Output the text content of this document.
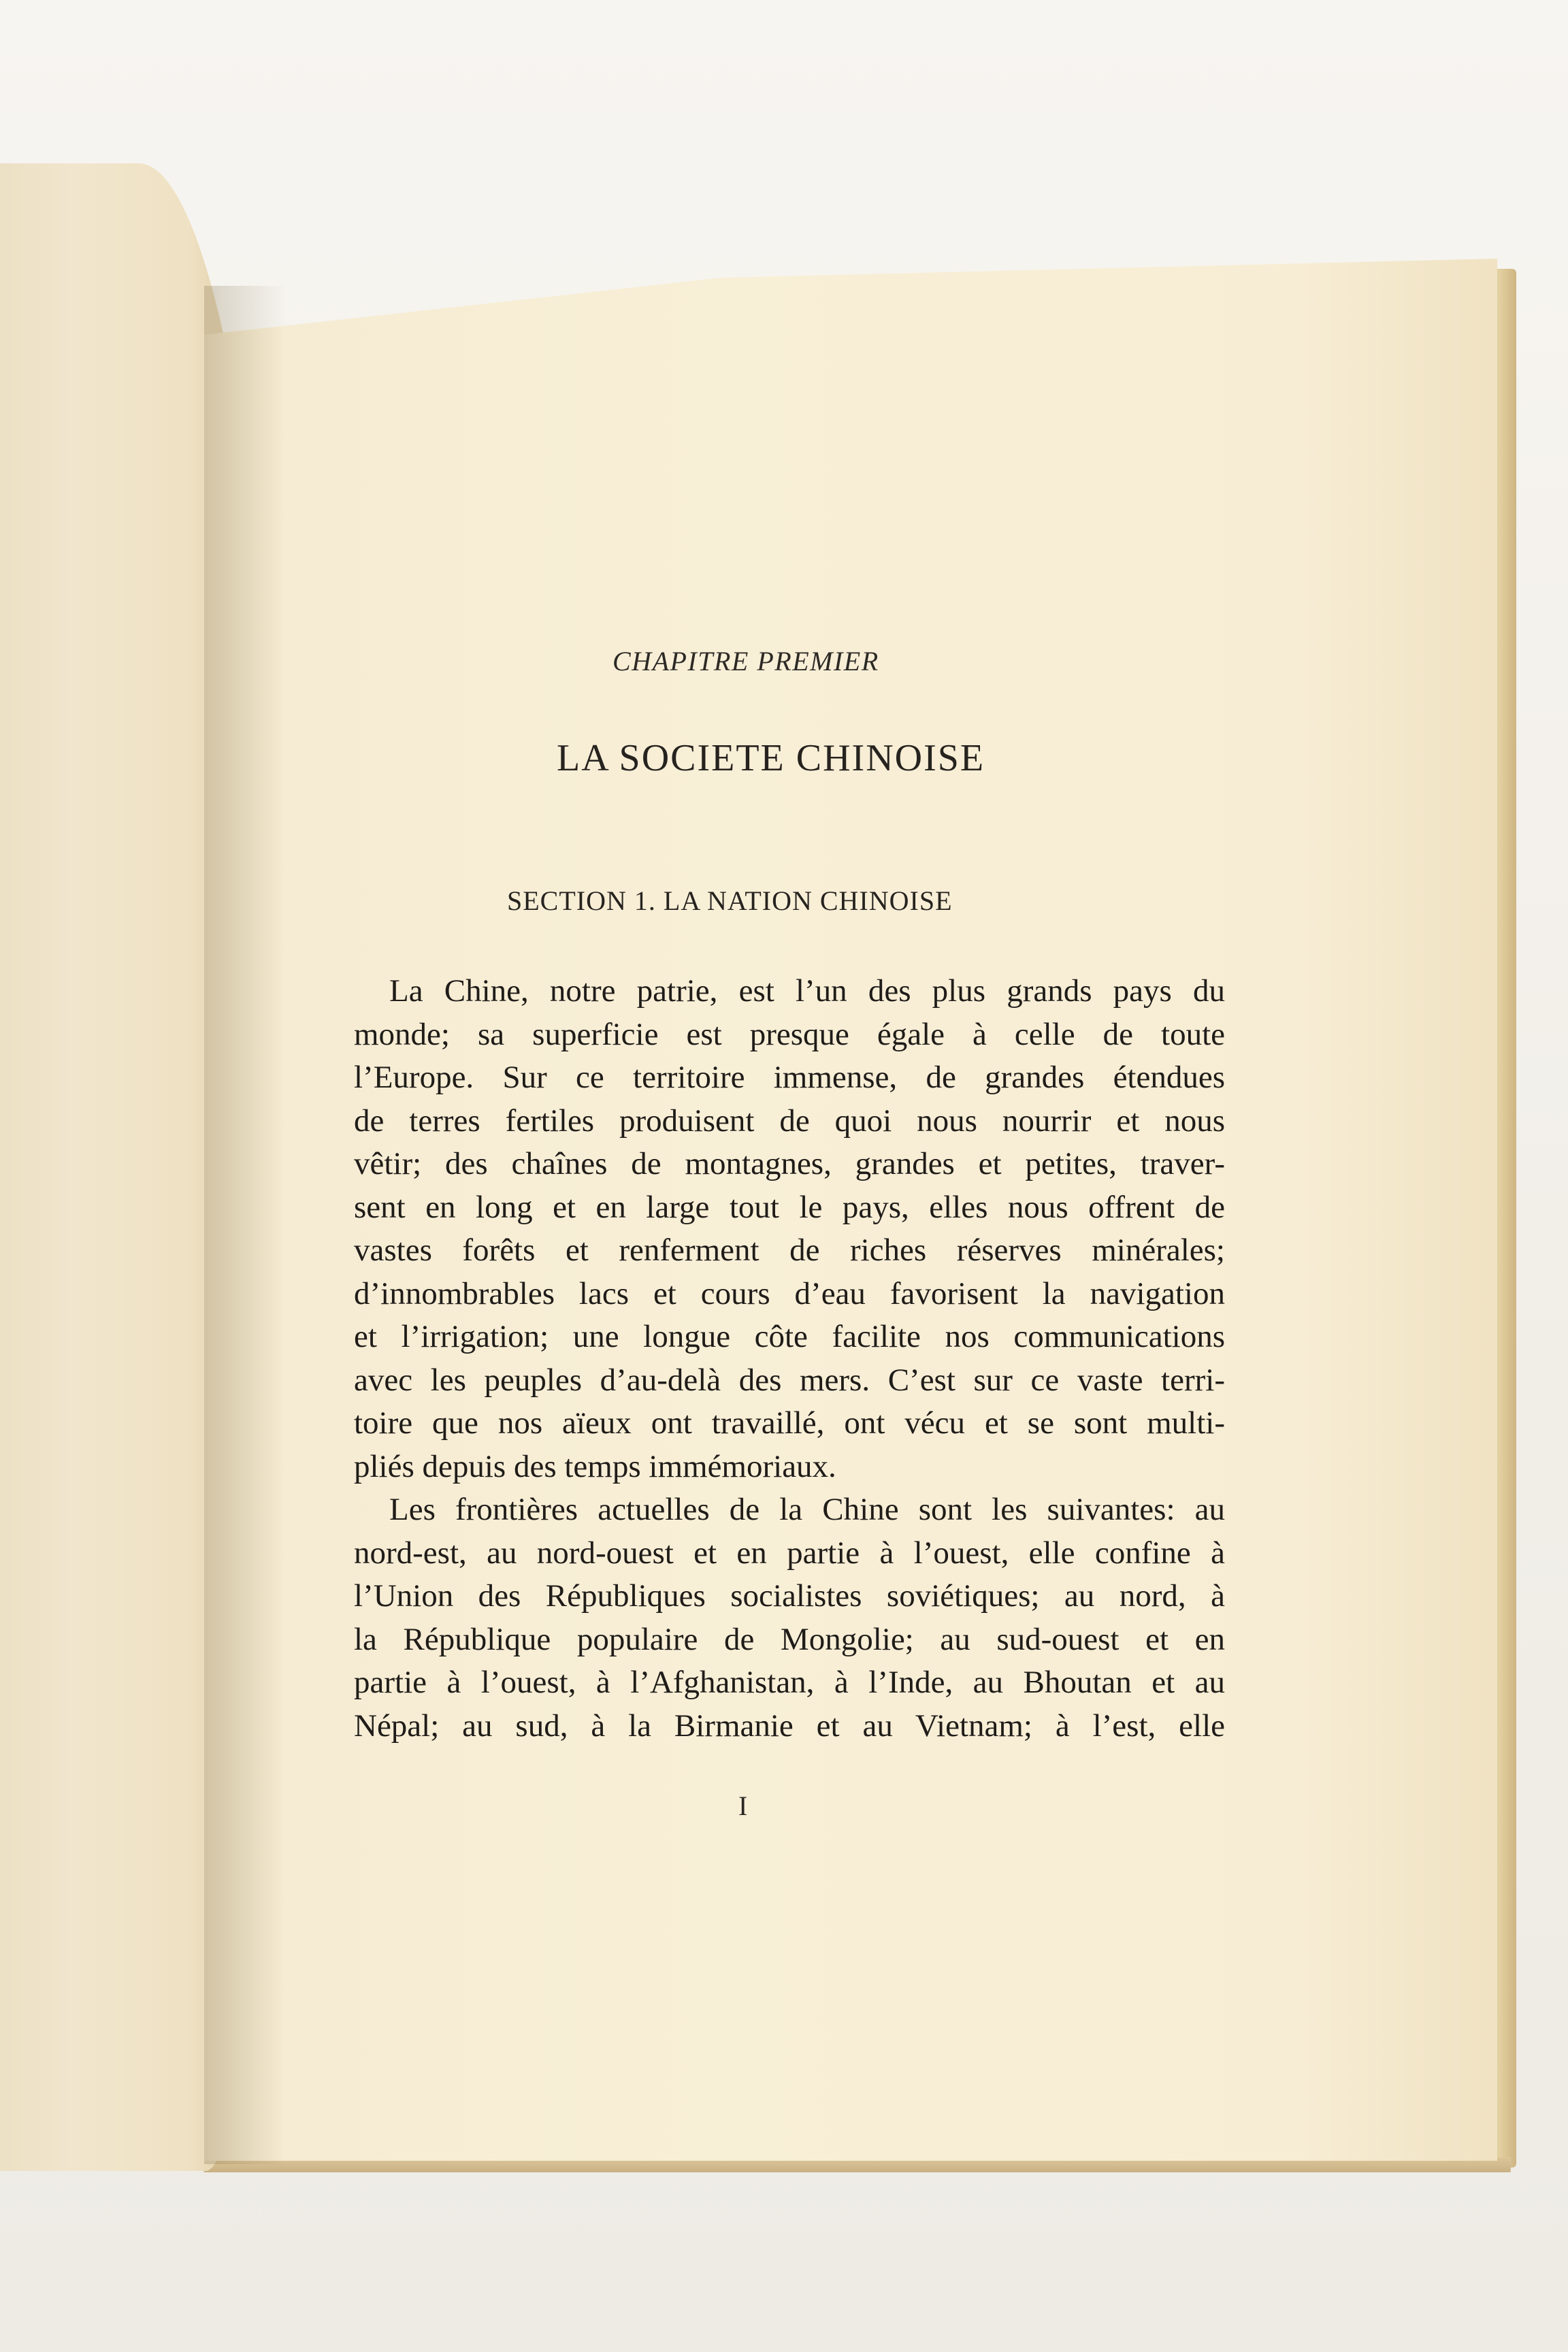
CHAPITRE PREMIER
LA SOCIETE CHINOISE
SECTION 1. LA NATION CHINOISE
La Chine, notre patrie, est l’un des plus grands pays du
monde; sa superficie est presque égale à celle de toute
l’Europe. Sur ce territoire immense, de grandes étendues
de terres fertiles produisent de quoi nous nourrir et nous
vêtir; des chaînes de montagnes, grandes et petites, traver-
sent en long et en large tout le pays, elles nous offrent de
vastes forêts et renferment de riches réserves minérales;
d’innombrables lacs et cours d’eau favorisent la navigation
et l’irrigation; une longue côte facilite nos communications
avec les peuples d’au-delà des mers. C’est sur ce vaste terri-
toire que nos aïeux ont travaillé, ont vécu et se sont multi-
pliés depuis des temps immémoriaux.
Les frontières actuelles de la Chine sont les suivantes: au
nord-est, au nord-ouest et en partie à l’ouest, elle confine à
l’Union des Républiques socialistes soviétiques; au nord, à
la République populaire de Mongolie; au sud-ouest et en
partie à l’ouest, à l’Afghanistan, à l’Inde, au Bhoutan et au
Népal; au sud, à la Birmanie et au Vietnam; à l’est, elle
I
